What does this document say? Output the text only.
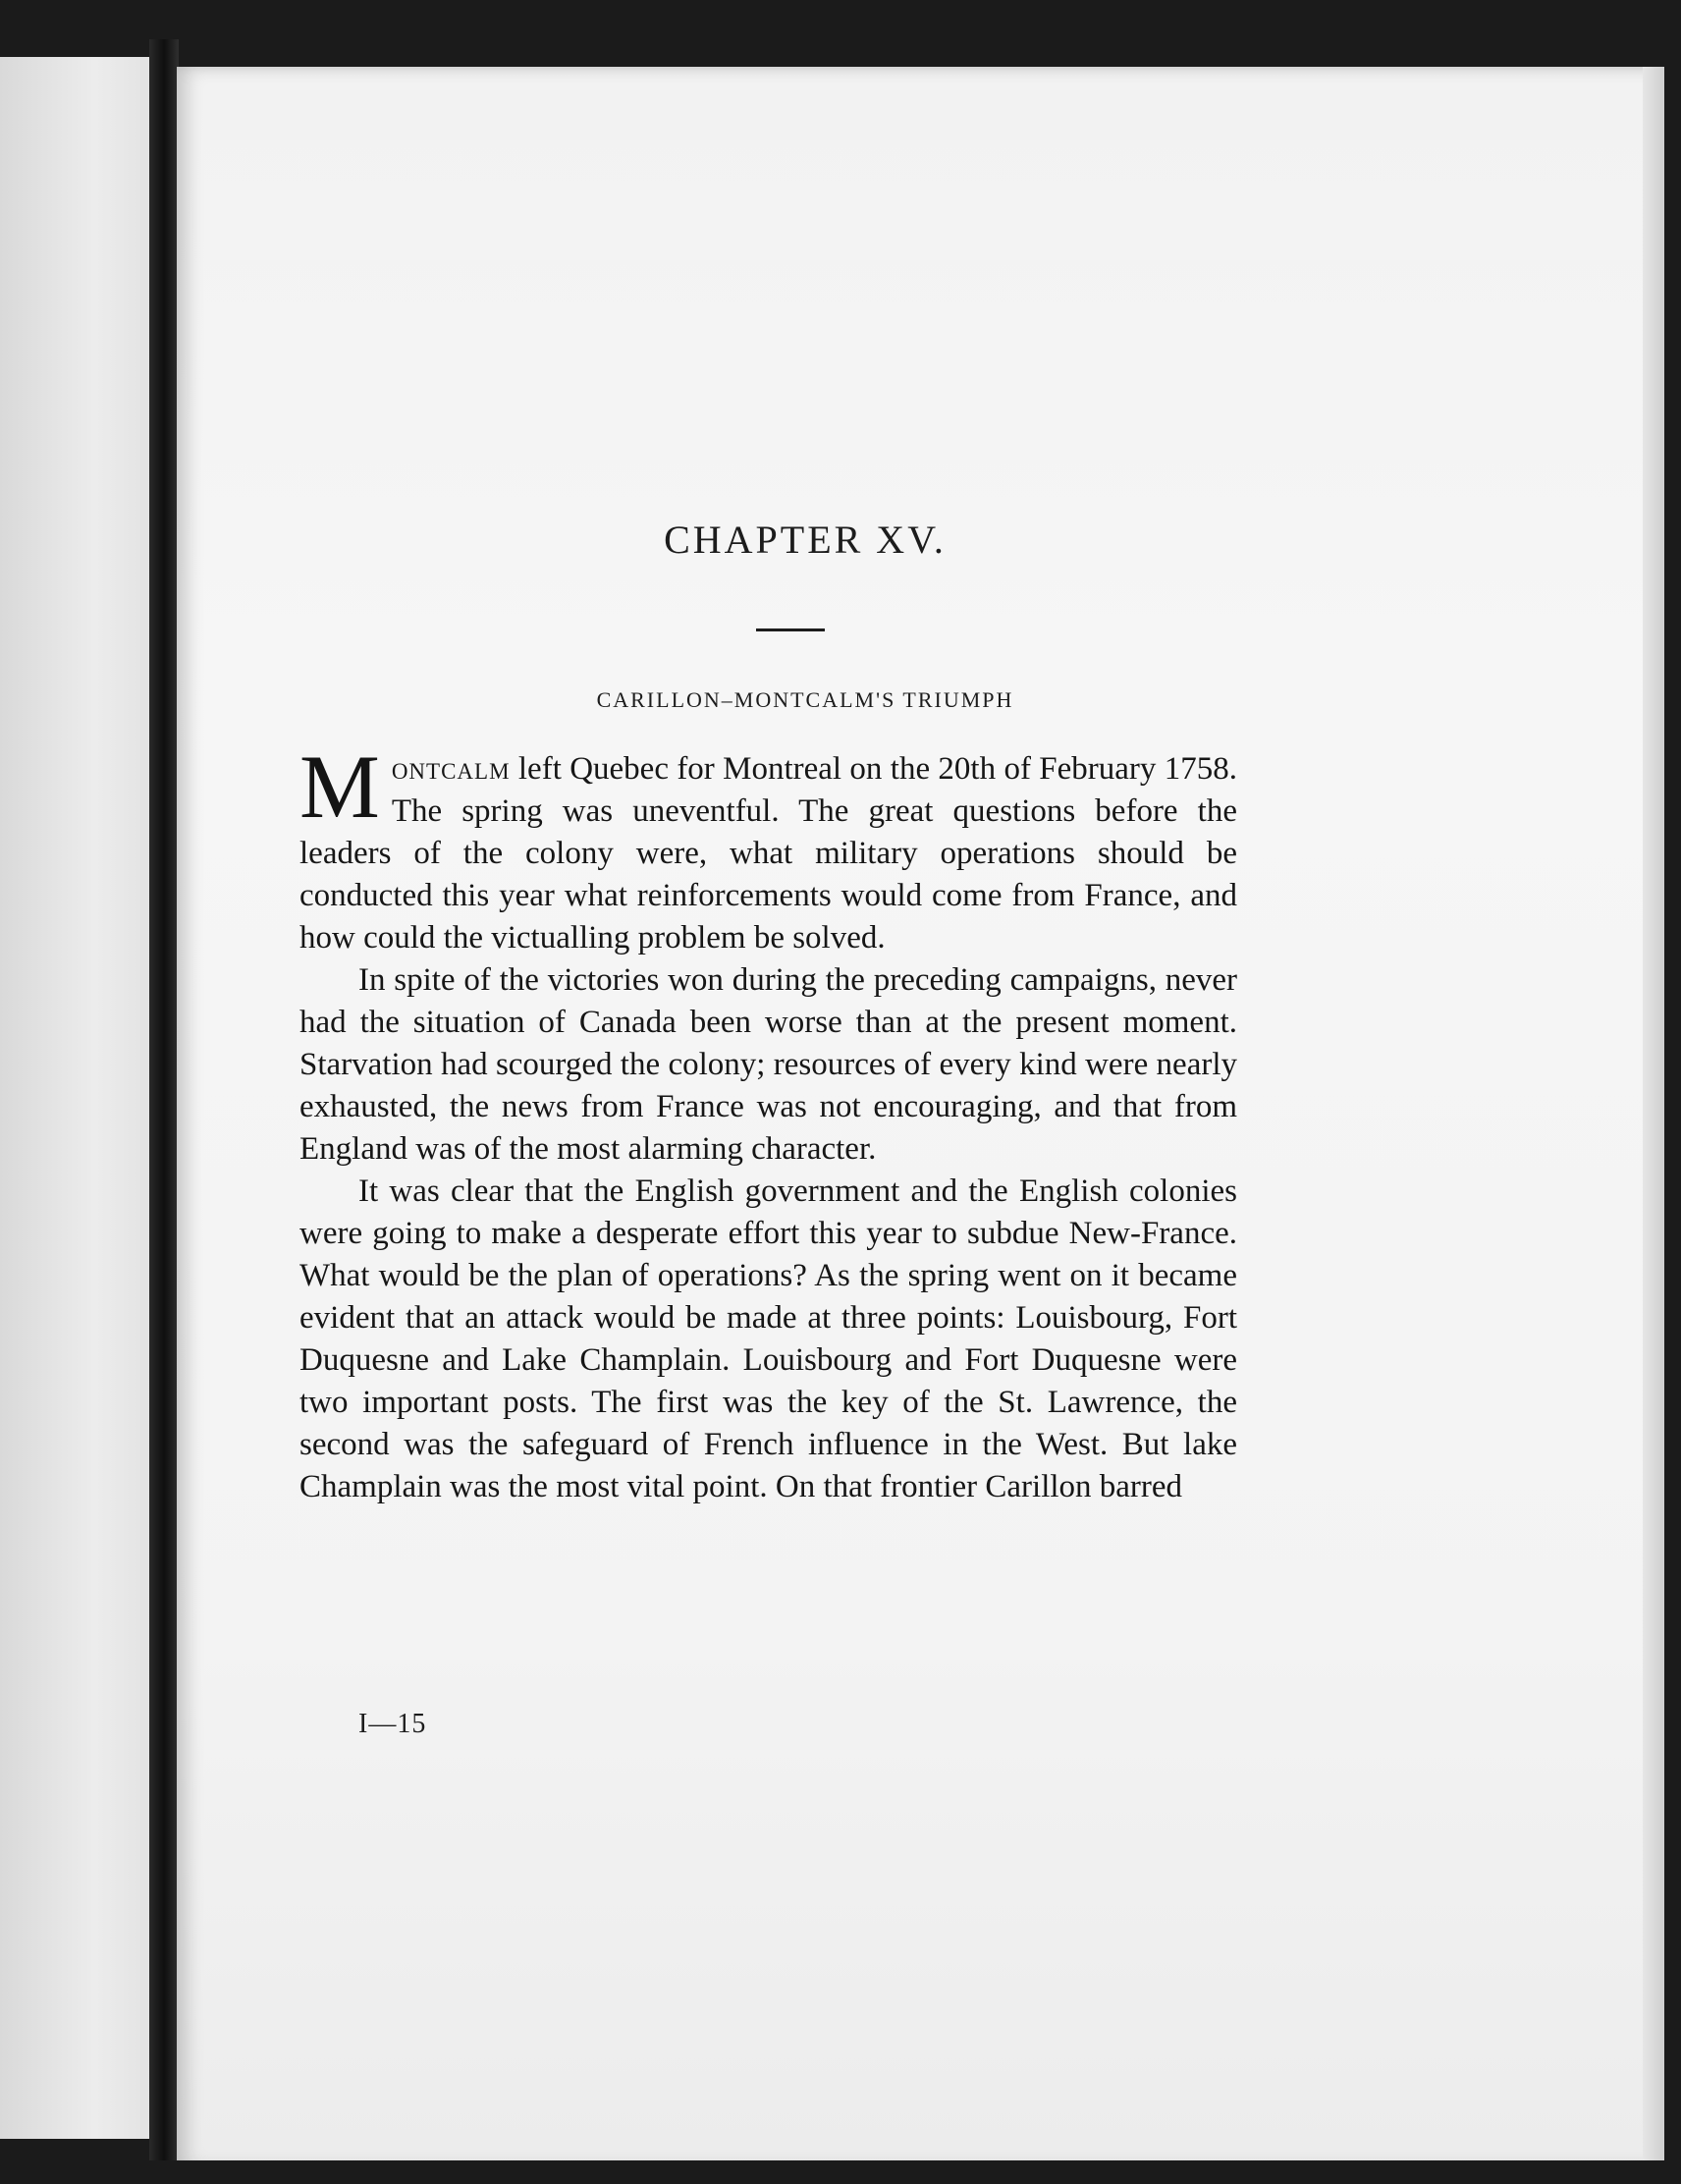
CHAPTER XV.
CARILLON–MONTCALM'S TRIUMPH

Montcalm left Quebec for Montreal on the 20th of February 1758. The spring was uneventful. The great questions before the leaders of the colony were, what military operations should be conducted this year what reinforcements would come from France, and how could the victualling problem be solved.

In spite of the victories won during the preceding campaigns, never had the situation of Canada been worse than at the present moment. Starvation had scourged the colony; resources of every kind were nearly exhausted, the news from France was not encouraging, and that from England was of the most alarming character.

It was clear that the English government and the English colonies were going to make a desperate effort this year to subdue New-France. What would be the plan of operations? As the spring went on it became evident that an attack would be made at three points: Louisbourg, Fort Duquesne and Lake Champlain. Louisbourg and Fort Duquesne were two important posts. The first was the key of the St. Lawrence, the second was the safeguard of French influence in the West. But lake Champlain was the most vital point. On that frontier Carillon barred

I—15
